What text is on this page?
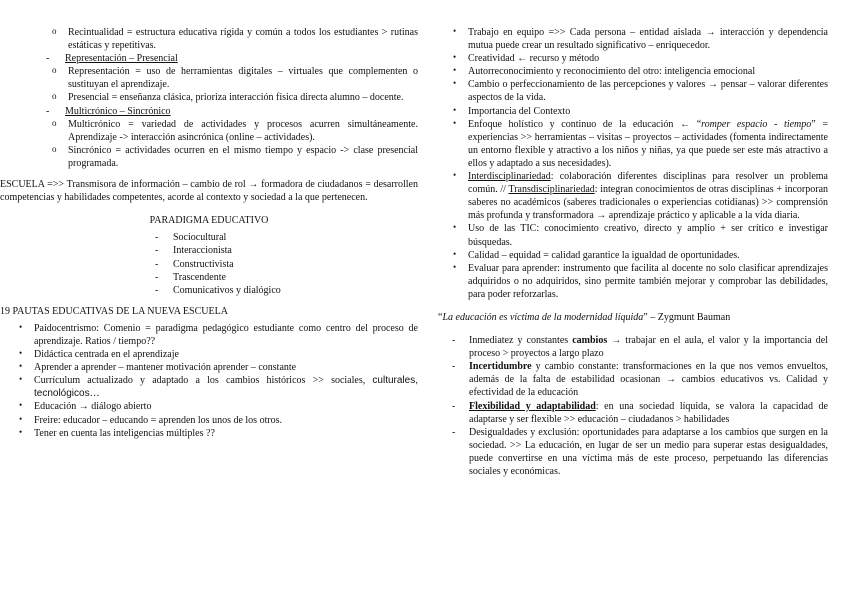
o Recintualidad = estructura educativa rígida y común a todos los estudiantes > rutinas estáticas y repetitivas.
- Representación – Presencial
o Representación = uso de herramientas digitales – virtuales que complementen o sustituyan el aprendizaje.
o Presencial = enseñanza clásica, prioriza interacción física directa alumno – docente.
- Multicrónico – Sincrónico
o Multicrónico = variedad de actividades y procesos acurren simultáneamente. Aprendizaje -> interacción asincrónica (online – actividades).
o Sincrónico = actividades ocurren en el mismo tiempo y espacio -> clase presencial programada.
ESCUELA =>> Transmisora de información – cambio de rol → formadora de ciudadanos = desarrollen competencias y habilidades competentes, acorde al contexto y sociedad a la que pertenecen.
PARADIGMA EDUCATIVO
- Sociocultural
- Interaccionista
- Constructivista
- Trascendente
- Comunicativos y dialógico
19 PAUTAS EDUCATIVAS DE LA NUEVA ESCUELA
• Paidocentrismo: Comenio = paradigma pedagógico estudiante como centro del proceso de aprendizaje. Ratios / tiempo??
• Didáctica centrada en el aprendizaje
• Aprender a aprender – mantener motivación aprender – constante
• Currículum actualizado y adaptado a los cambios históricos >> sociales, culturales, tecnológicos…
• Educación → diálogo abierto
• Freire: educador – educando = aprenden los unos de los otros.
• Tener en cuenta las inteligencias múltiples ??
• Trabajo en equipo =>> Cada persona – entidad aislada → interacción y dependencia mutua puede crear un resultado significativo – enriquecedor.
• Creatividad ← recurso y método
• Autorreconocimiento y reconocimiento del otro: inteligencia emocional
• Cambio o perfeccionamiento de las percepciones y valores → pensar – valorar diferentes aspectos de la vida.
• Importancia del Contexto
• Enfoque holístico y continuo de la educación ← “romper espacio - tiempo” = experiencias >> herramientas – visitas – proyectos – actividades (fomenta indirectamente un entorno flexible y atractivo a los niños y niñas, ya que puede ser este más atractivo a ellos y adaptado a sus necesidades).
• Interdisciplinariedad: colaboración diferentes disciplinas para resolver un problema común. // Transdisciplinariedad: integran conocimientos de otras disciplinas + incorporan saberes no académicos (saberes tradicionales o experiencias cotidianas) >> comprensión más profunda y transformadora → aprendizaje práctico y aplicable a la vida diaria.
• Uso de las TIC: conocimiento creativo, directo y amplio + ser crítico e investigar búsquedas.
• Calidad – equidad = calidad garantice la igualdad de oportunidades.
• Evaluar para aprender: instrumento que facilita al docente no solo clasificar aprendizajes adquiridos o no adquiridos, sino permite también mejorar y comprobar las debilidades, para poder reforzarlas.
“La educación es víctima de la modernidad líquida” – Zygmunt Bauman
- Inmediatez y constantes cambios → trabajar en el aula, el valor y la importancia del proceso > proyectos a largo plazo
- Incertidumbre y cambio constante: transformaciones en la que nos vemos envueltos, además de la falta de estabilidad ocasionan → cambios educativos vs. Calidad y efectividad de la educación
- Flexibilidad y adaptabilidad: en una sociedad líquida, se valora la capacidad de adaptarse y ser flexible >> educación – ciudadanos > habilidades
- Desigualdades y exclusión: oportunidades para adaptarse a los cambios que surgen en la sociedad. >> La educación, en lugar de ser un medio para superar estas desigualdades, puede convertirse en una víctima más de este proceso, perpetuando las diferencias sociales y económicas.
